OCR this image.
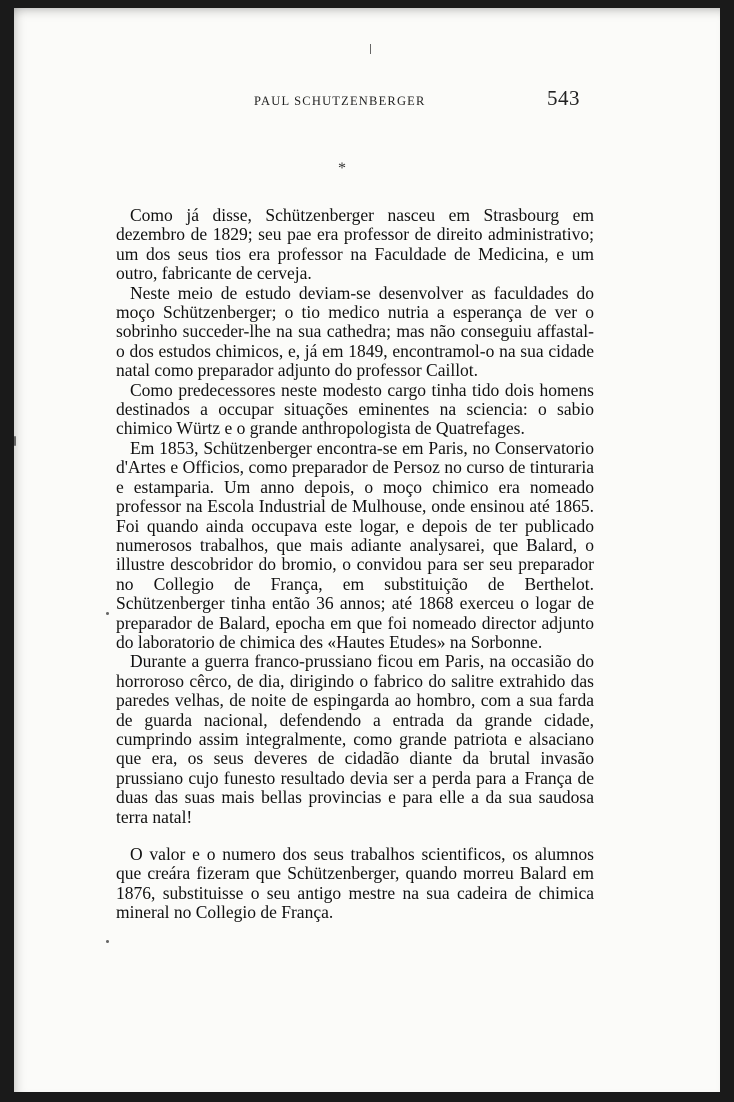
PAUL SCHUTZENBERGER	543
*

Como já disse, Schützenberger nasceu em Strasbourg em dezembro de 1829; seu pae era professor de direito administrativo; um dos seus tios era professor na Faculdade de Medicina, e um outro, fabricante de cerveja.

Neste meio de estudo deviam-se desenvolver as faculdades do moço Schützenberger; o tio medico nutria a esperança de ver o sobrinho succeder-lhe na sua cathedra; mas não conseguiu affastal-o dos estudos chimicos, e, já em 1849, encontramol-o na sua cidade natal como preparador adjunto do professor Caillot.

Como predecessores neste modesto cargo tinha tido dois homens destinados a occupar situações eminentes na sciencia: o sabio chimico Würtz e o grande anthropologista de Quatrefages.

Em 1853, Schützenberger encontra-se em Paris, no Conservatorio d'Artes e Officios, como preparador de Persoz no curso de tinturaria e estamparia. Um anno depois, o moço chimico era nomeado professor na Escola Industrial de Mulhouse, onde ensinou até 1865. Foi quando ainda occupava este logar, e depois de ter publicado numerosos trabalhos, que mais adiante analysarei, que Balard, o illustre descobridor do bromio, o convidou para ser seu preparador no Collegio de França, em substituição de Berthelot. Schützenberger tinha então 36 annos; até 1868 exerceu o logar de preparador de Balard, epocha em que foi nomeado director adjunto do laboratorio de chimica des «Hautes Etudes» na Sorbonne.

Durante a guerra franco-prussiano ficou em Paris, na occasião do horroroso cêrco, de dia, dirigindo o fabrico do salitre extrahido das paredes velhas, de noite de espingarda ao hombro, com a sua farda de guarda nacional, defendendo a entrada da grande cidade, cumprindo assim integralmente, como grande patriota e alsaciano que era, os seus deveres de cidadão diante da brutal invasão prussiano cujo funesto resultado devia ser a perda para a França de duas das suas mais bellas provincias e para elle a da sua saudosa terra natal!

O valor e o numero dos seus trabalhos scientificos, os alumnos que creára fizeram que Schützenberger, quando morreu Balard em 1876, substituisse o seu antigo mestre na sua cadeira de chimica mineral no Collegio de França.
